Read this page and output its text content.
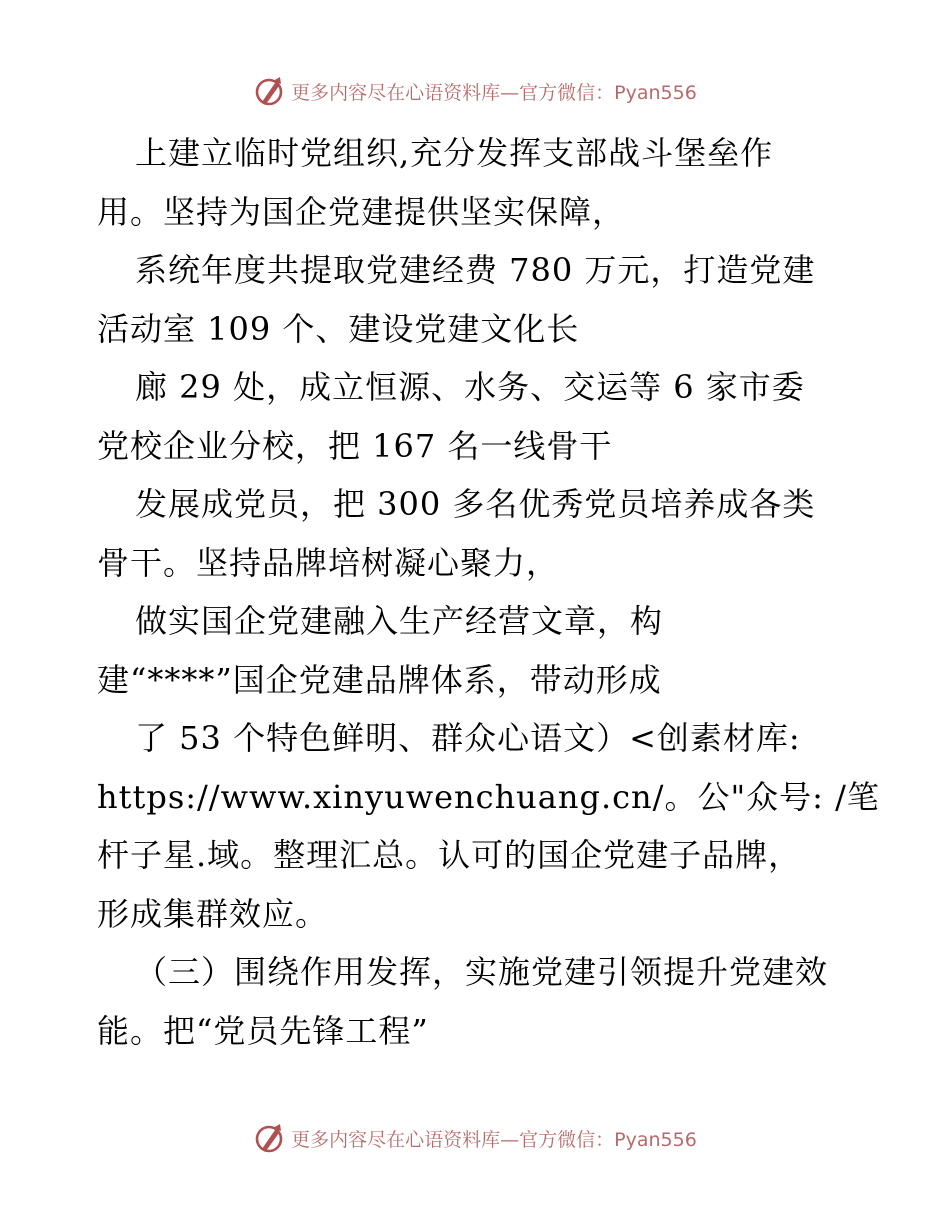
更多内容尽在心语资料库—官方微信：Pyan556
上建立临时党组织,充分发挥支部战斗堡垒作
用。坚持为国企党建提供坚实保障，
系统年度共提取党建经费 780 万元，打造党建
活动室 109 个、建设党建文化长
廊 29 处，成立恒源、水务、交运等 6 家市委
党校企业分校，把 167 名一线骨干
发展成党员，把 300 多名优秀党员培养成各类
骨干。坚持品牌培树凝心聚力，
做实国企党建融入生产经营文章，构
建“****”国企党建品牌体系，带动形成
了 53 个特色鲜明、群众心语文）<创素材库:
https://www.xinyuwenchuang.cn/。公"众号: /笔
杆子星.域。整理汇总。认可的国企党建子品牌，
形成集群效应。
（三）围绕作用发挥，实施党建引领提升党建效
能。把“党员先锋工程”
更多内容尽在心语资料库—官方微信：Pyan556
